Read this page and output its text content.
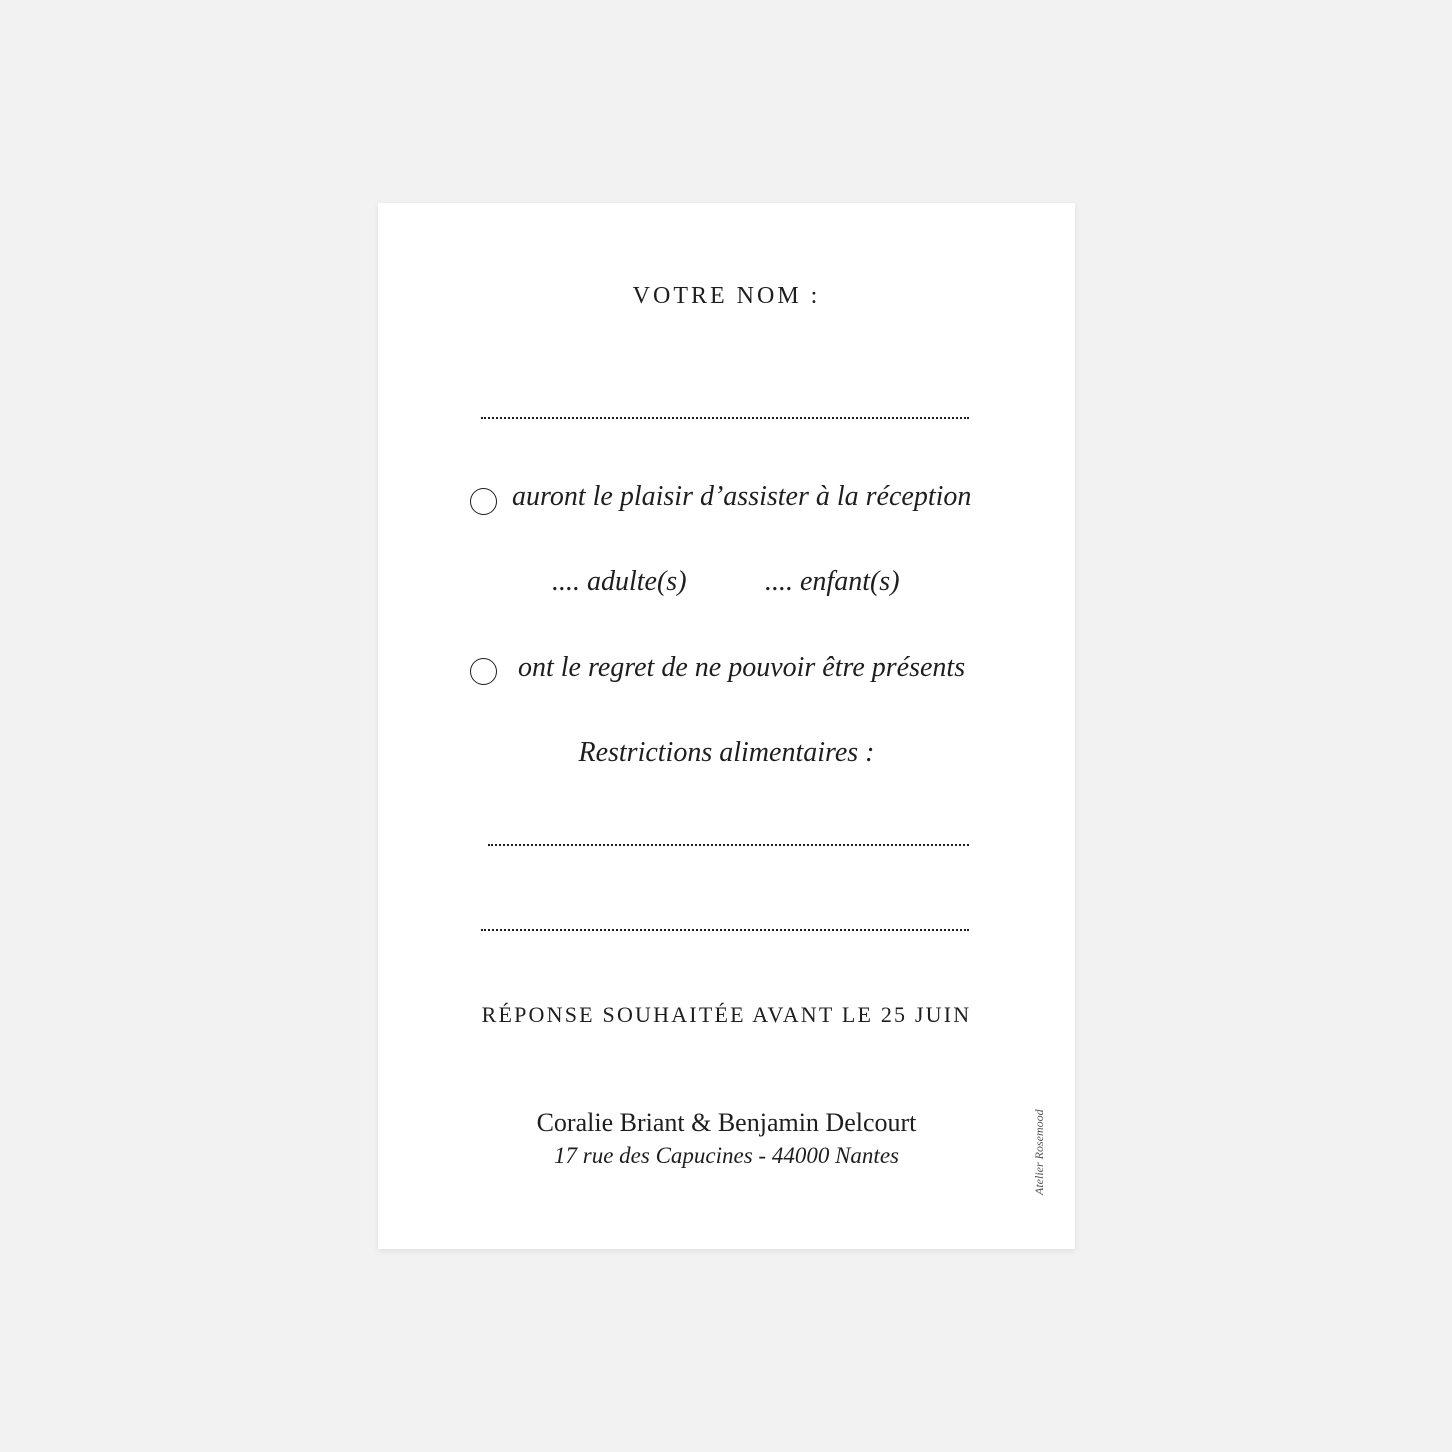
VOTRE NOM :
auront le plaisir d’assister à la réception
.... adulte(s)	.... enfant(s)
ont le regret de ne pouvoir être présents
Restrictions alimentaires :
RÉPONSE SOUHAITÉE AVANT LE 25 JUIN
Coralie Briant & Benjamin Delcourt
17 rue des Capucines - 44000 Nantes	Atelier Rosemood
